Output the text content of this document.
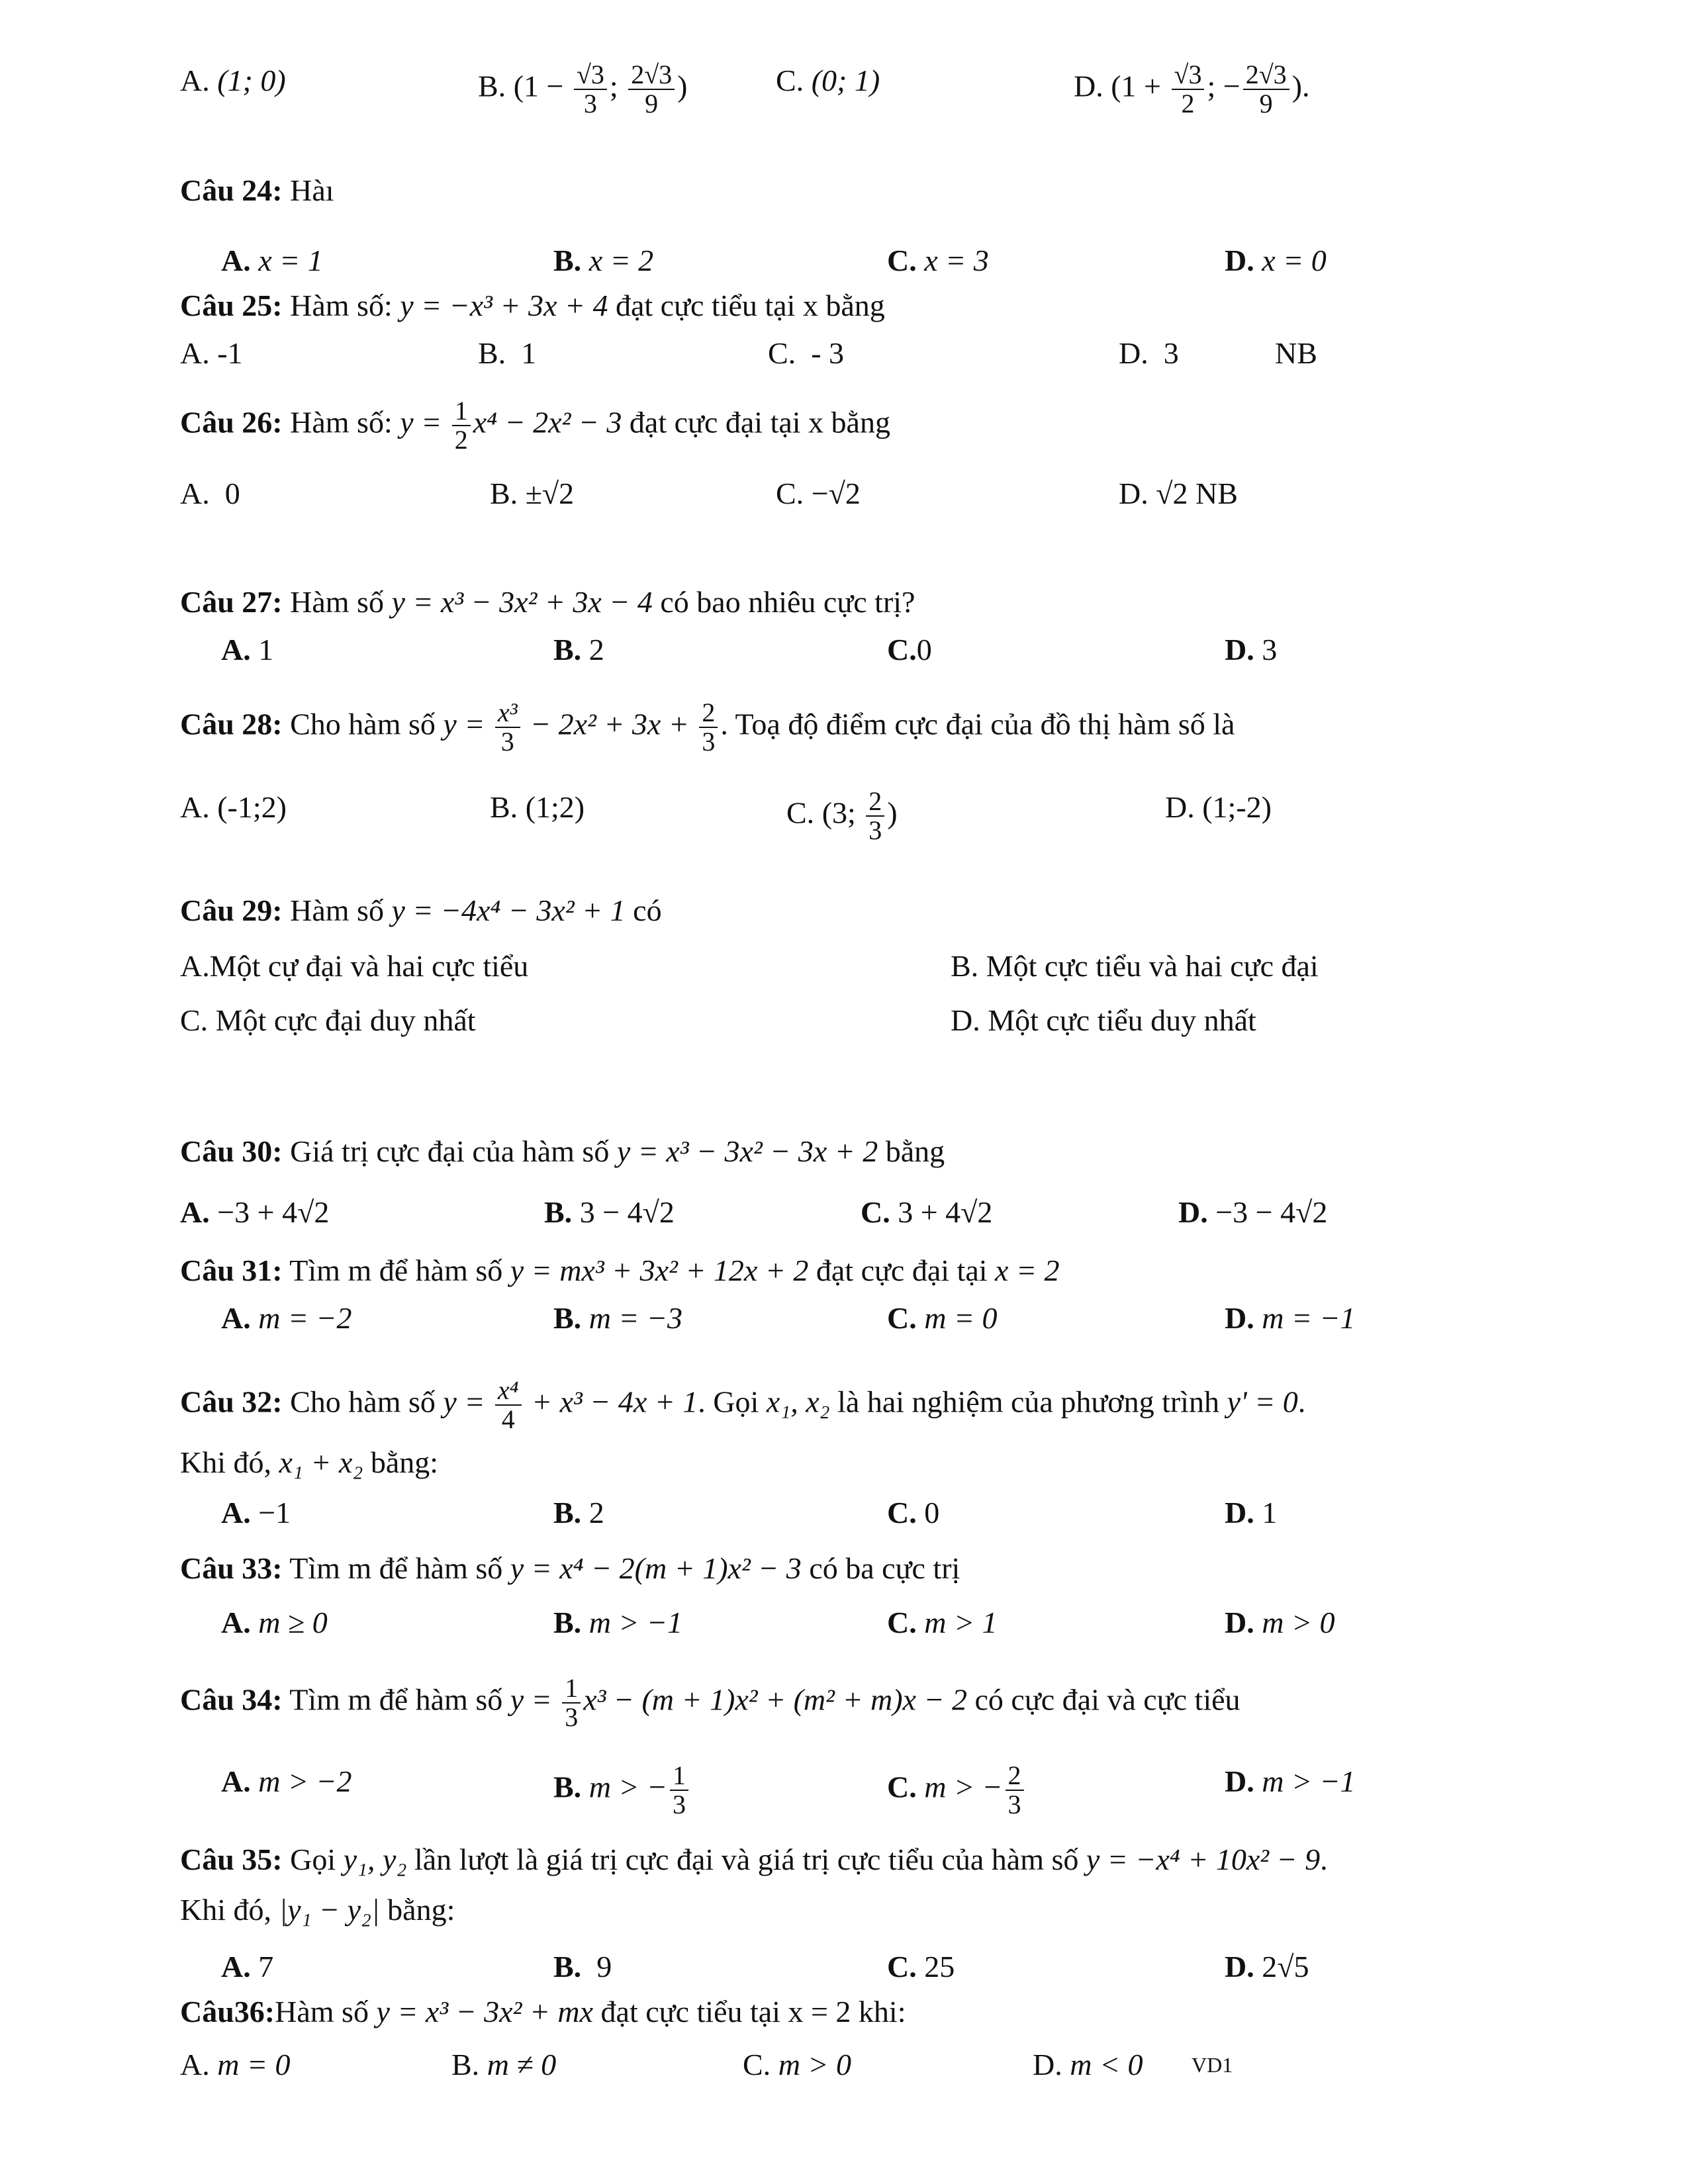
A. (1; 0)	B. ($1 - \frac{√3}{3}$ ; $\frac{2√3}{9}$ )	C. (0; 1)	D. ($1 + \frac{√3}{2}$ ; − $\frac{2√3}{9}$ ).
Câu 24: Hàı
A. x = 1	B. x = 2	C. x = 3	D. x = 0
Câu 25: Hàm số: y = −x³ + 3x + 4 đạt cực tiểu tại x bằng
A. -1	B. 1	C. - 3	D. 3	NB
Câu 26: Hàm số: $y = \frac{1}{2} x^4 - 2x^2 - 3$ đạt cực đại tại x bằng
A. 0	B. ±√2	C. −√2	D. √2 NB
Câu 27: Hàm số y = x³ − 3x² + 3x − 4 có bao nhiêu cực trị?
A. 1	B. 2	C.0	D. 3
Câu 28: Cho hàm số $y = \frac{\text{x³}}{3} - 2x^2 + 3x + \frac{2}{3}$ . Toạ độ điểm cực đại của đồ thị hàm số là
A. (-1;2)	B. (1;2)	C. (3; $\frac{2}{3}$ )	D. (1;-2)
Câu 29: Hàm số y = −4x⁴ − 3x² + 1 có
A.Một cự đại và hai cực tiểu	B. Một cực tiểu và hai cực đại
C. Một cực đại duy nhất	D. Một cực tiểu duy nhất
Câu 30: Giá trị cực đại của hàm số y = x³ − 3x² − 3x + 2 bằng
A. −3 + 4√2	B. 3 − 4√2	C. 3 + 4√2	D. −3 − 4√2
Câu 31: Tìm m để hàm số y = mx³ + 3x² + 12x + 2 đạt cực đại tại x = 2
A. m = −2	B. m = −3	C. m = 0	D. m = −1
Câu 32: Cho hàm số $y = \frac{\text{x⁴}}{4} + x^3 - 4x + 1$. Gọi x₁, x₂ là hai nghiệm của phương trình y' = 0.
Khi đó, x₁ + x₂ bằng:
A. −1	B. 2	C. 0	D. 1
Câu 33: Tìm m để hàm số y = x⁴ − 2(m + 1)x² − 3 có ba cực trị
A. m ≥ 0	B. m > −1	C. m > 1	D. m > 0
Câu 34: Tìm m để hàm số $y = \frac{1}{3} x^3 - (m + 1)x^2 + (m^2 + m)x - 2$ có cực đại và cực tiểu
A. m > −2	B. m > − $\frac{1}{3}$	C. m > − $\frac{2}{3}$	D. m > −1
Câu 35: Gọi y₁, y₂ lần lượt là giá trị cực đại và giá trị cực tiểu của hàm số y = −x⁴ + 10x² − 9.
Khi đó, |y₁ − y₂| bằng:
A. 7	B. 9	C. 25	D. 2√5
Câu36:Hàm số y = x³ − 3x² + mx đạt cực tiểu tại x = 2 khi:
A. m = 0	B. m ≠ 0	C. m > 0	D. m < 0 VD1
